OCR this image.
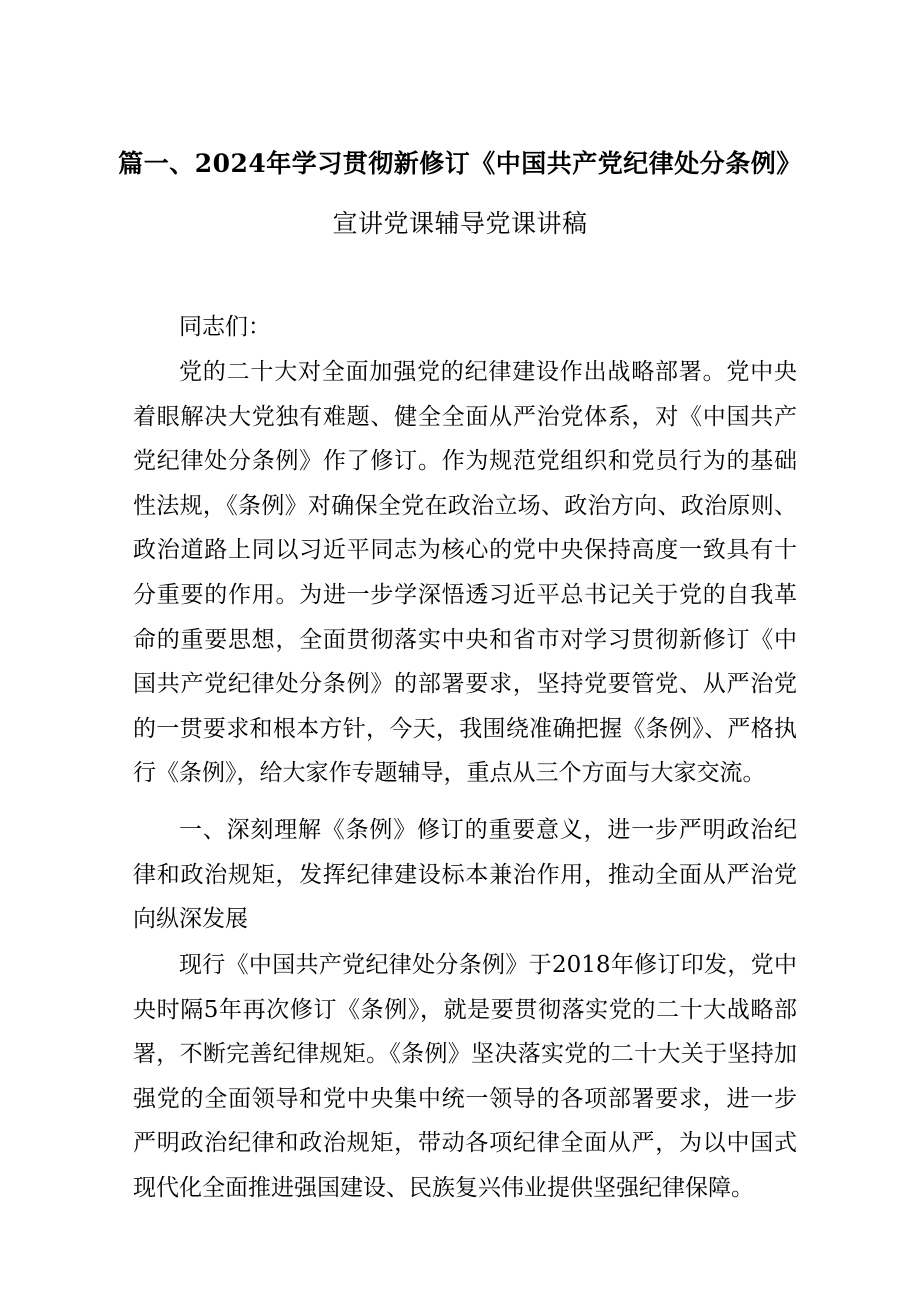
篇一、2024年学习贯彻新修订《中国共产党纪律处分条例》
宣讲党课辅导党课讲稿

同志们：

党的二十大对全面加强党的纪律建设作出战略部署。党中央着眼解决大党独有难题、健全全面从严治党体系，对《中国共产党纪律处分条例》作了修订。作为规范党组织和党员行为的基础性法规，《条例》对确保全党在政治立场、政治方向、政治原则、政治道路上同以习近平同志为核心的党中央保持高度一致具有十分重要的作用。为进一步学深悟透习近平总书记关于党的自我革命的重要思想，全面贯彻落实中央和省市对学习贯彻新修订《中国共产党纪律处分条例》的部署要求，坚持党要管党、从严治党的一贯要求和根本方针，今天，我围绕准确把握《条例》、严格执行《条例》，给大家作专题辅导，重点从三个方面与大家交流。

一、深刻理解《条例》修订的重要意义，进一步严明政治纪律和政治规矩，发挥纪律建设标本兼治作用，推动全面从严治党向纵深发展

现行《中国共产党纪律处分条例》于2018年修订印发，党中央时隔5年再次修订《条例》，就是要贯彻落实党的二十大战略部署，不断完善纪律规矩。《条例》坚决落实党的二十大关于坚持加强党的全面领导和党中央集中统一领导的各项部署要求，进一步严明政治纪律和政治规矩，带动各项纪律全面从严，为以中国式现代化全面推进强国建设、民族复兴伟业提供坚强纪律保障。
